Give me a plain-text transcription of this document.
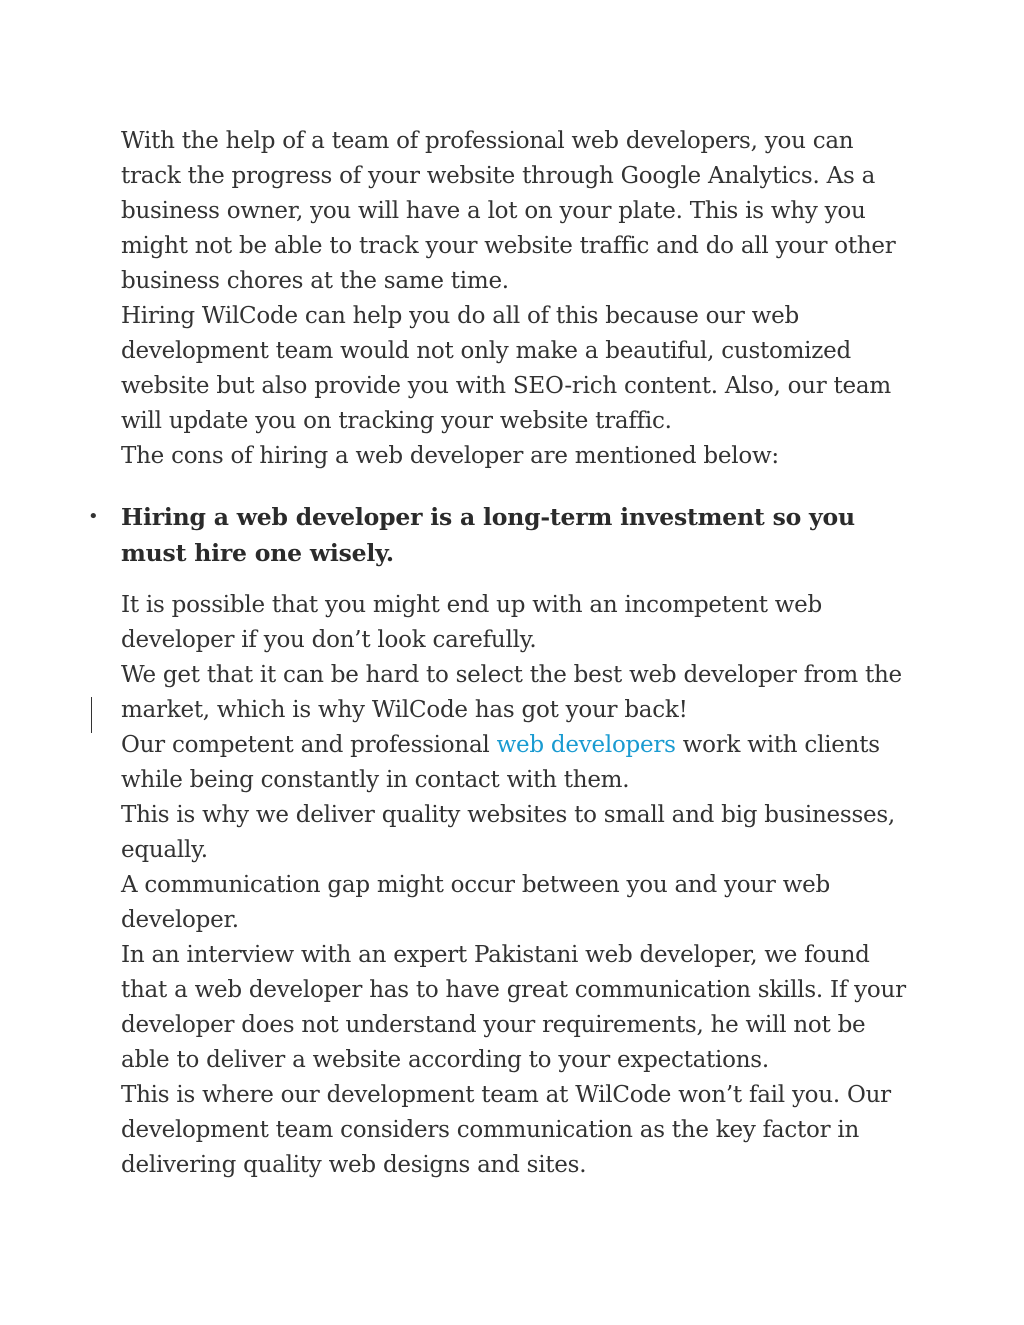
With the help of a team of professional web developers, you can track the progress of your website through Google Analytics. As a business owner, you will have a lot on your plate. This is why you might not be able to track your website traffic and do all your other business chores at the same time.

Hiring WilCode can help you do all of this because our web development team would not only make a beautiful, customized website but also provide you with SEO-rich content. Also, our team will update you on tracking your website traffic.

The cons of hiring a web developer are mentioned below:

• Hiring a web developer is a long-term investment so you must hire one wisely.

It is possible that you might end up with an incompetent web developer if you don’t look carefully.

We get that it can be hard to select the best web developer from the market, which is why WilCode has got your back!

Our competent and professional web developers work with clients while being constantly in contact with them.

This is why we deliver quality websites to small and big businesses, equally.

A communication gap might occur between you and your web developer.

In an interview with an expert Pakistani web developer, we found that a web developer has to have great communication skills. If your developer does not understand your requirements, he will not be able to deliver a website according to your expectations.

This is where our development team at WilCode won’t fail you. Our development team considers communication as the key factor in delivering quality web designs and sites.
